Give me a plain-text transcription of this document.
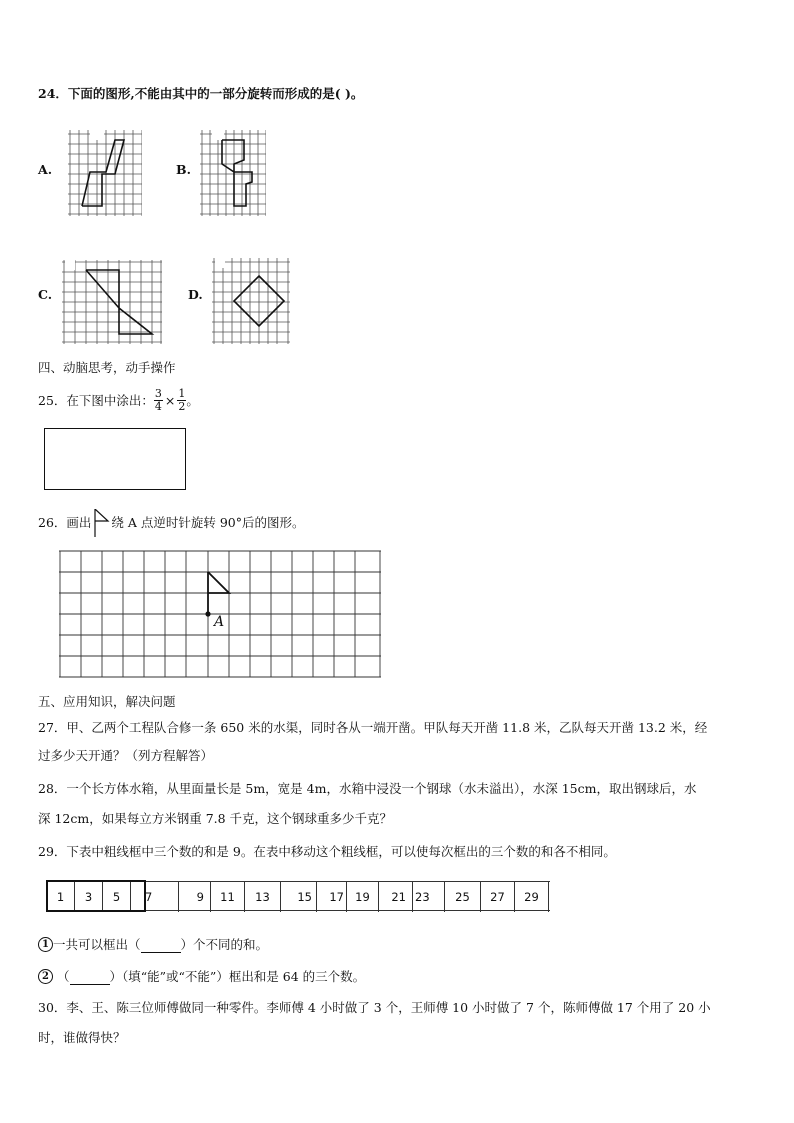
24．下面的图形,不能由其中的一部分旋转而形成的是( )。
A.	B.
C.	D.
四、动脑思考，动手操作
25．在下图中涂出： $\frac{3}{4} \times \frac{1}{2}$ 。
26．画出 绕 A 点逆时针旋转 90°后的图形。
A
五、应用知识，解决问题
27．甲、乙两个工程队合修一条 650 米的水渠，同时各从一端开凿。甲队每天开凿 11.8 米，乙队每天开凿 13.2 米，经
过多少天开通？（列方程解答）
28．一个长方体水箱，从里面量长是 5m，宽是 4m，水箱中浸没一个钢球（水未溢出），水深 15cm，取出钢球后，水
深 12cm，如果每立方米钢重 7.8 千克，这个钢球重多少千克？
29．下表中粗线框中三个数的和是 9。在表中移动这个粗线框，可以使每次框出的三个数的和各不相同。
1	3	5	7	9	11	13	15	17 19	21 23	25	27	29
1 一共可以框出（
	）个不同的和。
2 （
	）（填“能”或“不能”）框出和是 64 的三个数。
30．李、王、陈三位师傅做同一种零件。李师傅 4 小时做了 3 个，王师傅 10 小时做了 7 个，陈师傅做 17 个用了 20 小
时，谁做得快？
